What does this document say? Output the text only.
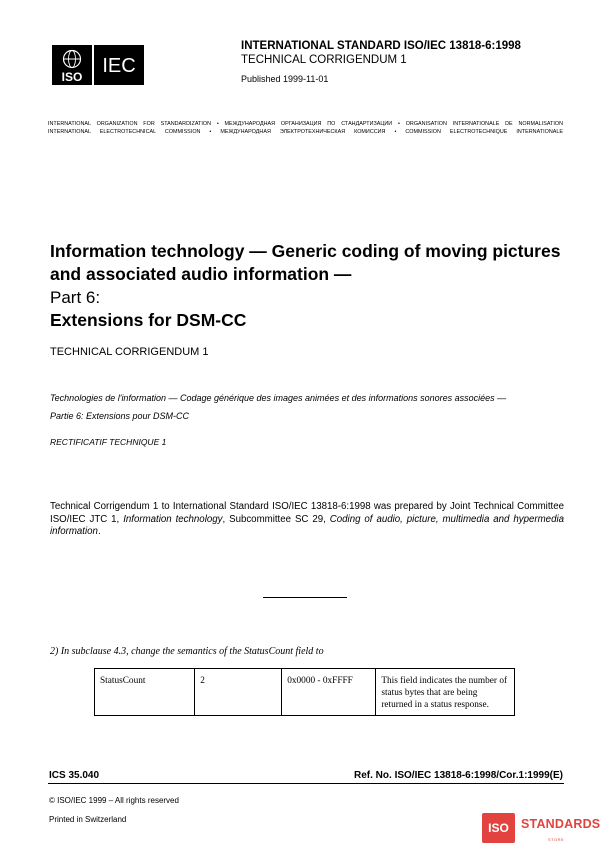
ISO IEC
INTERNATIONAL STANDARD ISO/IEC 13818-6:1998
TECHNICAL CORRIGENDUM 1
Published 1999-11-01
INTERNATIONAL ORGANIZATION FOR STANDARDIZATION • МЕЖДУНАРОДНАЯ ОРГАНИЗАЦИЯ ПО СТАНДАРТИЗАЦИИ • ORGANISATION INTERNATIONALE DE NORMALISATION
INTERNATIONAL ELECTROTECHNICAL COMMISSION • МЕЖДУНАРОДНАЯ ЭЛЕКТРОТЕХНИЧЕСКАЯ КОМИССИЯ • COMMISSION ELECTROTECHNIQUE INTERNATIONALE
Information technology — Generic coding of moving pictures and associated audio information —
Part 6:
Extensions for DSM-CC
TECHNICAL CORRIGENDUM 1
Technologies de l'information — Codage générique des images animées et des informations sonores associées —
Partie 6: Extensions pour DSM-CC
RECTIFICATIF TECHNIQUE 1
Technical Corrigendum 1 to International Standard ISO/IEC 13818-6:1998 was prepared by Joint Technical Committee ISO/IEC JTC 1, Information technology, Subcommittee SC 29, Coding of audio, picture, multimedia and hypermedia information.
2) In subclause 4.3, change the semantics of the StatusCount field to
StatusCount	2	0x0000 - 0xFFFF	This field indicates the number of status bytes that are being returned in a status response.
ICS 35.040	Ref. No. ISO/IEC 13818-6:1998/Cor.1:1999(E)
© ISO/IEC 1999 – All rights reserved
Printed in Switzerland
ISO STANDARDS
STORE
